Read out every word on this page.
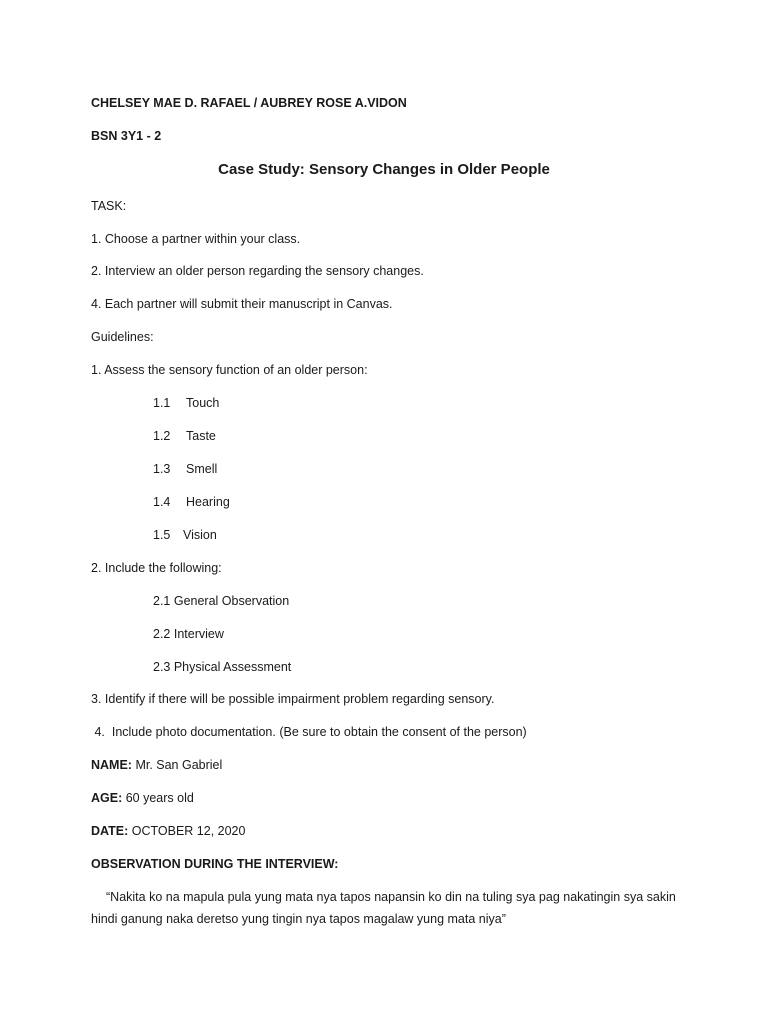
CHELSEY MAE D. RAFAEL / AUBREY ROSE A.VIDON
BSN 3Y1 - 2
Case Study: Sensory Changes in Older People
TASK:
1. Choose a partner within your class.
2. Interview an older person regarding the sensory changes.
4. Each partner will submit their manuscript in Canvas.
Guidelines:
1. Assess the sensory function of an older person:
1.1 Touch
1.2 Taste
1.3 Smell
1.4 Hearing
1.5 Vision
2. Include the following:
2.1 General Observation
2.2 Interview
2.3 Physical Assessment
3. Identify if there will be possible impairment problem regarding sensory.
4.  Include photo documentation. (Be sure to obtain the consent of the person)
NAME: Mr. San Gabriel
AGE: 60 years old
DATE: OCTOBER 12, 2020
OBSERVATION DURING THE INTERVIEW:
“Nakita ko na mapula pula yung mata nya tapos napansin ko din na tuling sya pag nakatingin sya sakin
hindi ganung naka deretso yung tingin nya tapos magalaw yung mata niya”
